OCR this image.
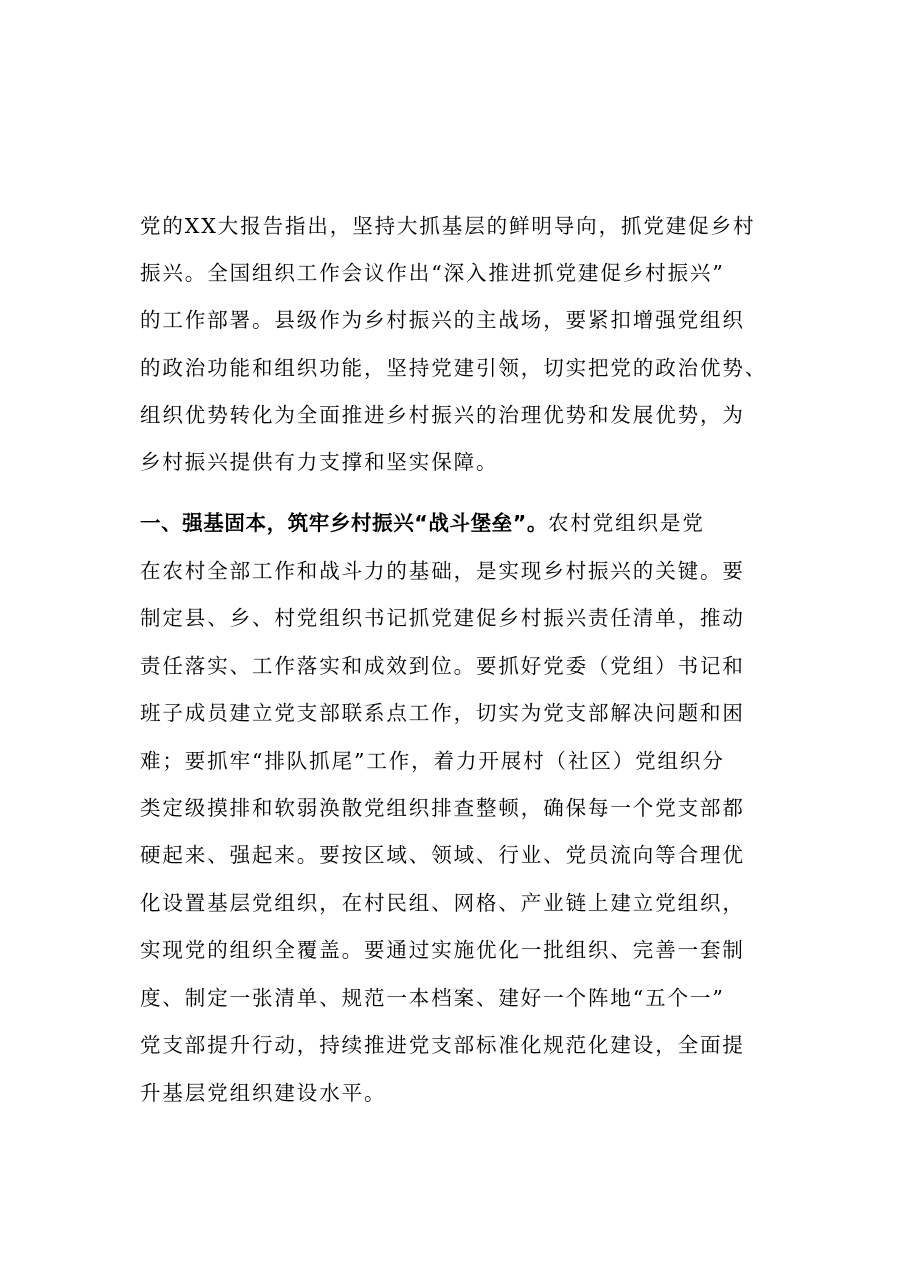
党的XX大报告指出，坚持大抓基层的鲜明导向，抓党建促乡村
振兴。全国组织工作会议作出“深入推进抓党建促乡村振兴”
的工作部署。县级作为乡村振兴的主战场，要紧扣增强党组织
的政治功能和组织功能，坚持党建引领，切实把党的政治优势、
组织优势转化为全面推进乡村振兴的治理优势和发展优势，为
乡村振兴提供有力支撑和坚实保障。
一、强基固本，筑牢乡村振兴“战斗堡垒”。农村党组织是党
在农村全部工作和战斗力的基础，是实现乡村振兴的关键。要
制定县、乡、村党组织书记抓党建促乡村振兴责任清单，推动
责任落实、工作落实和成效到位。要抓好党委（党组）书记和
班子成员建立党支部联系点工作，切实为党支部解决问题和困
难；要抓牢“排队抓尾”工作，着力开展村（社区）党组织分
类定级摸排和软弱涣散党组织排查整顿，确保每一个党支部都
硬起来、强起来。要按区域、领域、行业、党员流向等合理优
化设置基层党组织，在村民组、网格、产业链上建立党组织，
实现党的组织全覆盖。要通过实施优化一批组织、完善一套制
度、制定一张清单、规范一本档案、建好一个阵地“五个一”
党支部提升行动，持续推进党支部标准化规范化建设，全面提
升基层党组织建设水平。
